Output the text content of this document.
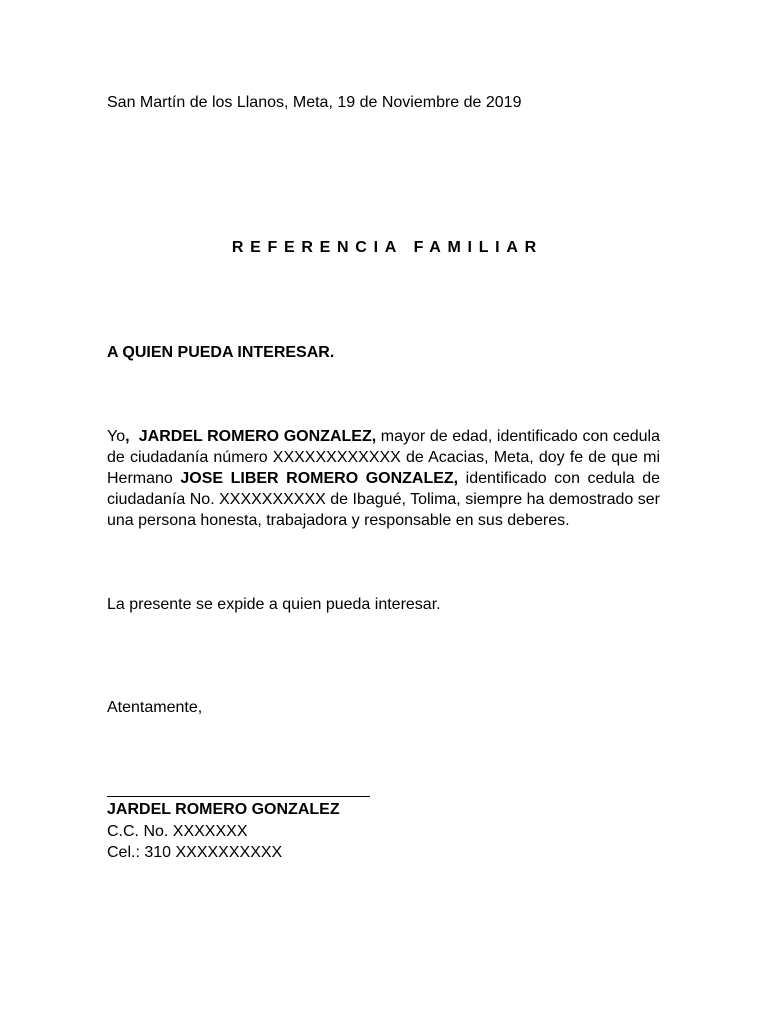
San Martín de los Llanos, Meta, 19 de Noviembre de 2019
REFERENCIA FAMILIAR
A QUIEN PUEDA INTERESAR.
Yo, JARDEL ROMERO GONZALEZ, mayor de edad, identificado con cedula de ciudadanía número XXXXXXXXXXXX de Acacias, Meta, doy fe de que mi Hermano JOSE LIBER ROMERO GONZALEZ, identificado con cedula de ciudadanía No. XXXXXXXXXX de Ibagué, Tolima, siempre ha demostrado ser una persona honesta, trabajadora y responsable en sus deberes.
La presente se expide a quien pueda interesar.
Atentamente,
JARDEL ROMERO GONZALEZ
C.C. No. XXXXXXX
Cel.: 310 XXXXXXXXXX
